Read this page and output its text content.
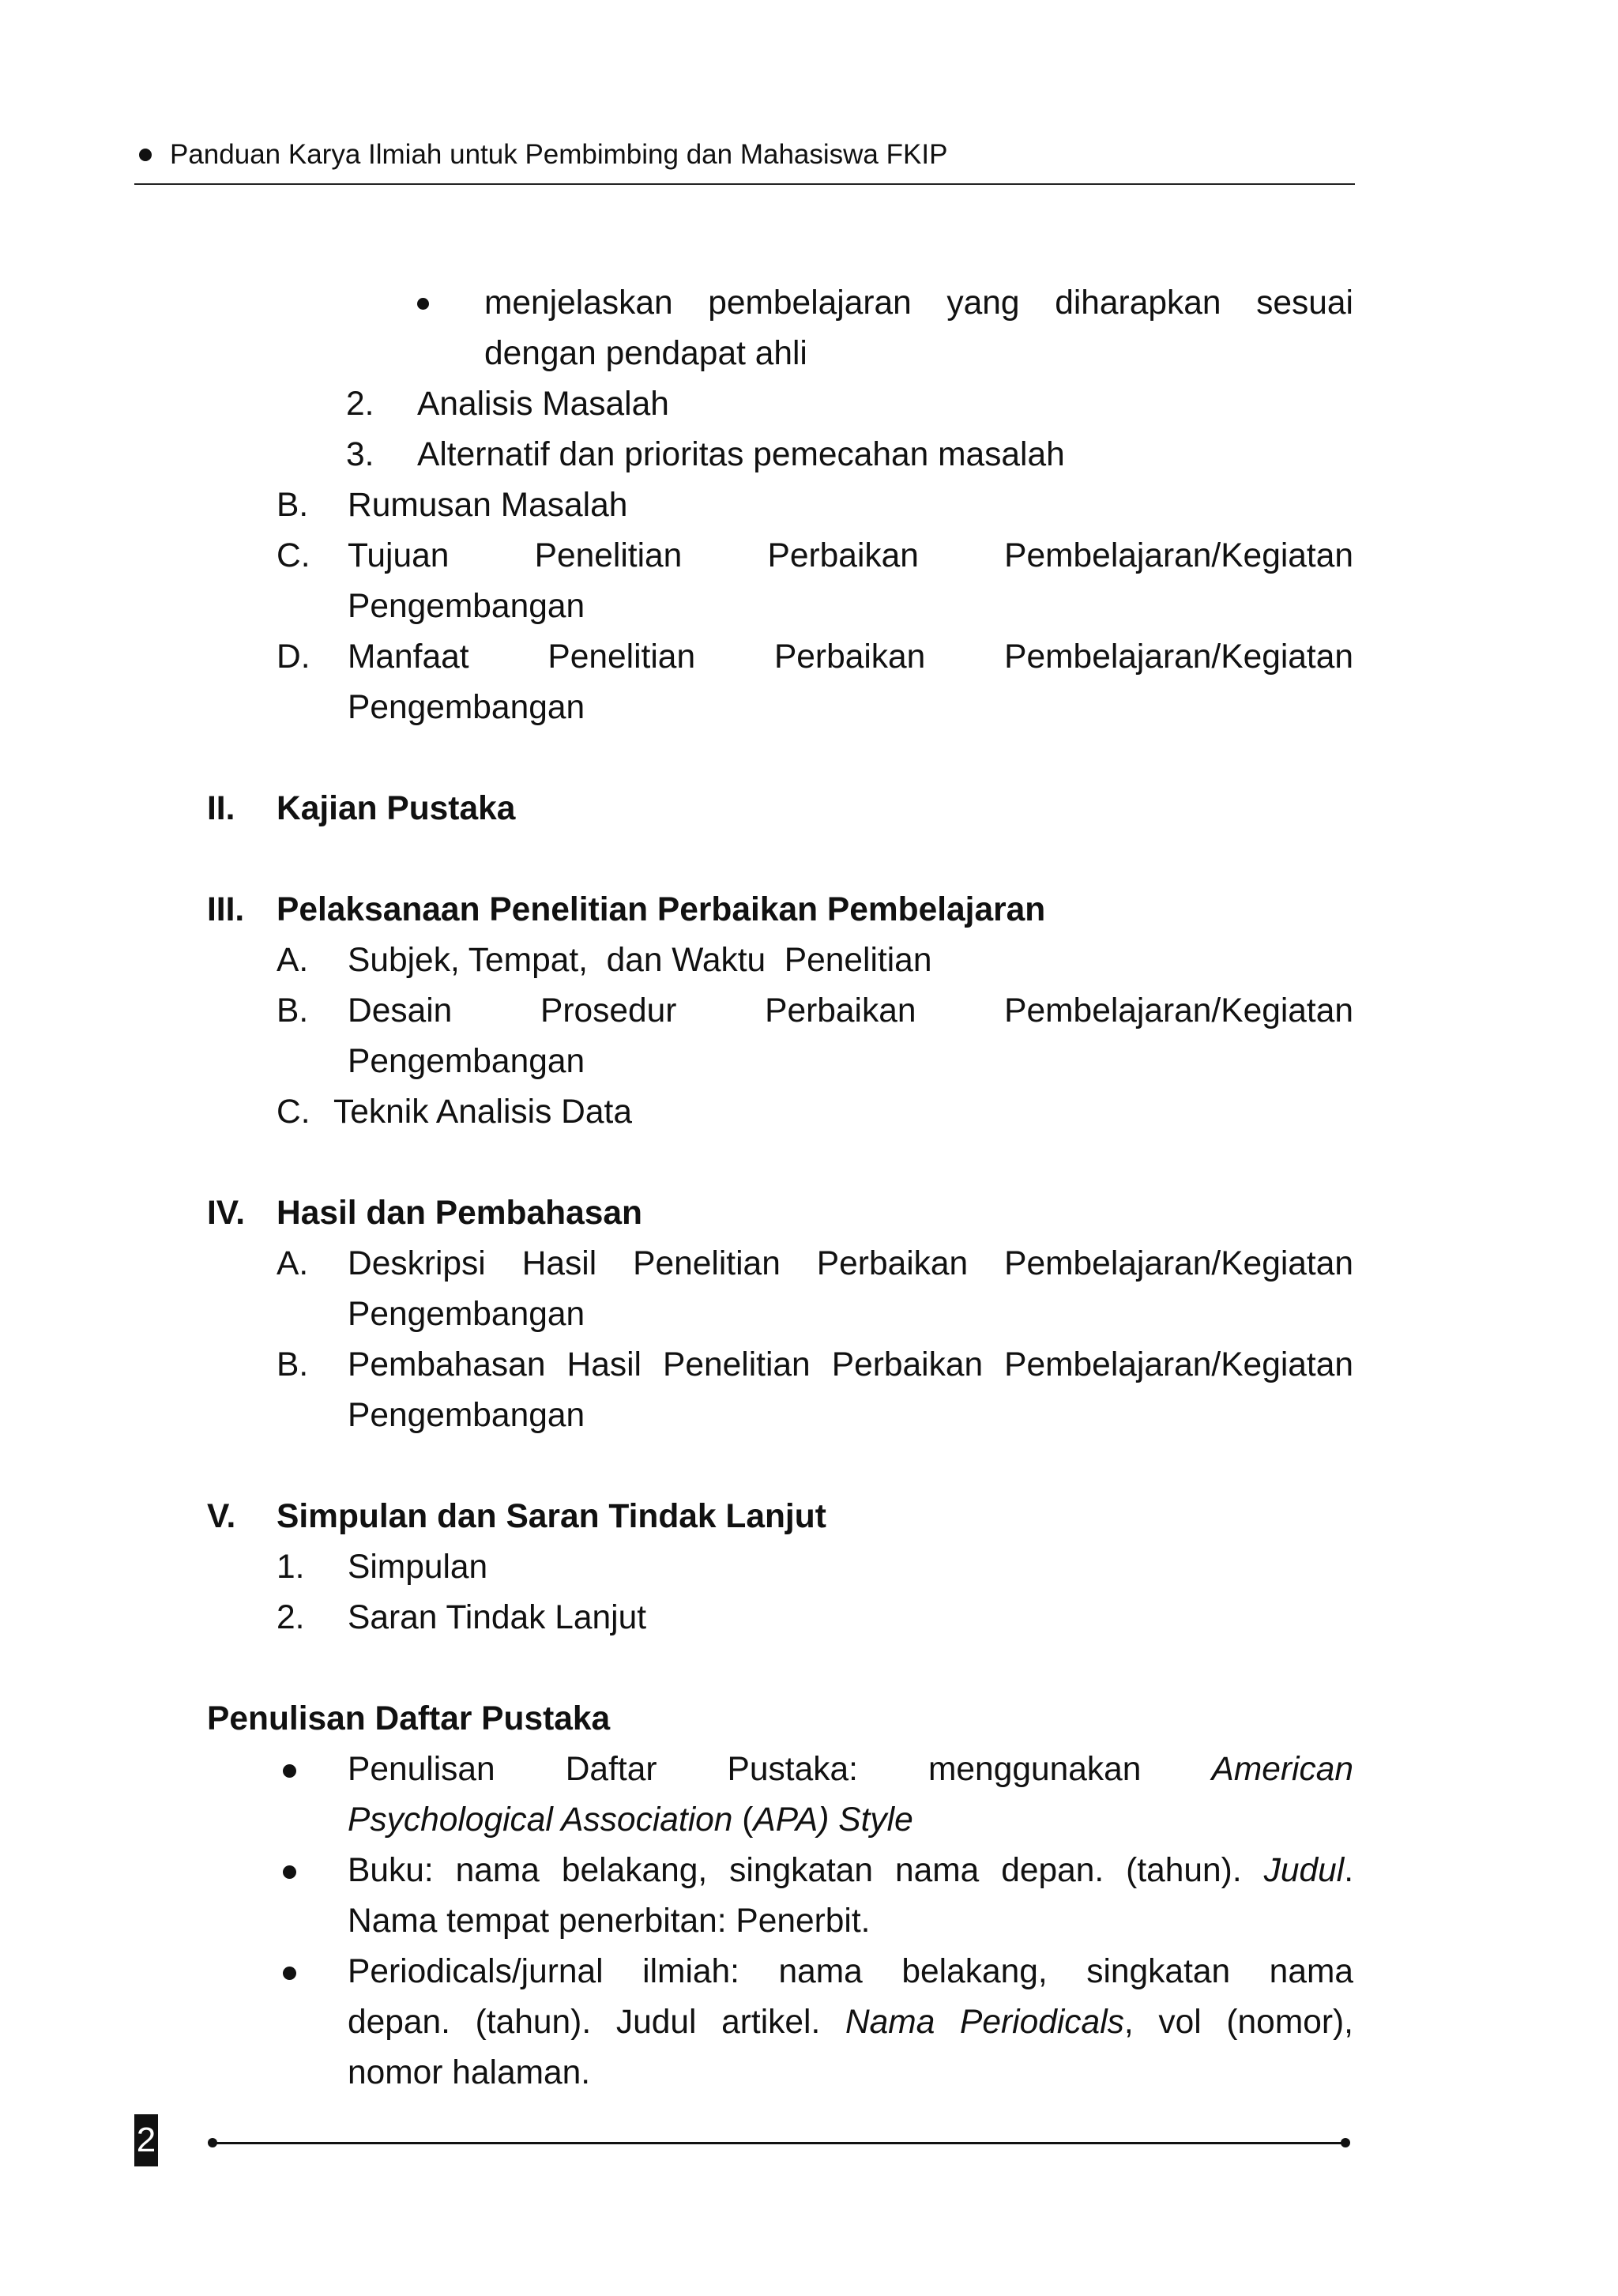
Panduan Karya Ilmiah untuk Pembimbing dan Mahasiswa FKIP
menjelaskan pembelajaran yang diharapkan sesuai
dengan pendapat ahli
2. Analisis Masalah
3. Alternatif dan prioritas pemecahan masalah
B. Rumusan Masalah
C. Tujuan Penelitian Perbaikan Pembelajaran/Kegiatan
Pengembangan
D. Manfaat Penelitian Perbaikan Pembelajaran/Kegiatan
Pengembangan
II. Kajian Pustaka
III. Pelaksanaan Penelitian Perbaikan Pembelajaran
A. Subjek, Tempat,  dan Waktu  Penelitian
B. Desain Prosedur Perbaikan Pembelajaran/Kegiatan
Pengembangan
C. Teknik Analisis Data
IV. Hasil dan Pembahasan
A. Deskripsi Hasil Penelitian Perbaikan Pembelajaran/Kegiatan
Pengembangan
B. Pembahasan Hasil Penelitian Perbaikan Pembelajaran/Kegiatan
Pengembangan
V. Simpulan dan Saran Tindak Lanjut
1. Simpulan
2. Saran Tindak Lanjut
Penulisan Daftar Pustaka
Penulisan Daftar Pustaka: menggunakan American
Psychological Association (APA) Style
Buku: nama belakang, singkatan nama depan. (tahun). Judul.
Nama tempat penerbitan: Penerbit.
Periodicals/jurnal ilmiah: nama belakang, singkatan nama
depan. (tahun). Judul artikel. Nama Periodicals, vol (nomor),
nomor halaman.
2
